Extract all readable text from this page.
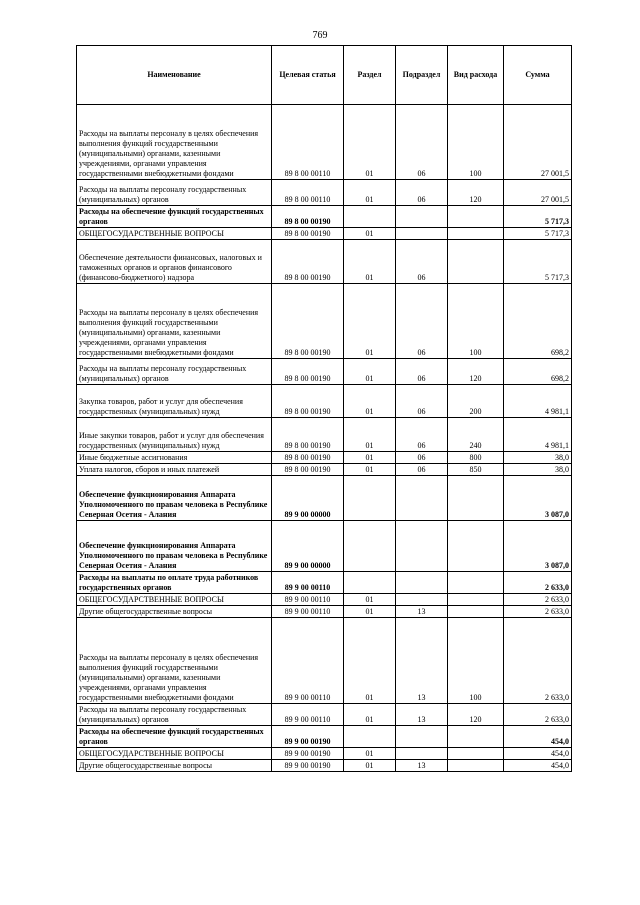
769
Наименование	Целевая статья	Раздел	Подраздел	Вид расхода	Сумма
Расходы на выплаты персоналу в целях обеспечения выполнения функций государственными (муниципальными) органами, казенными учреждениями, органами управления государственными внебюджетными фондами	89 8 00 00110	01	06	100	27 001,5
Расходы на выплаты персоналу государственных (муниципальных) органов	89 8 00 00110	01	06	120	27 001,5
Расходы на обеспечение функций государственных органов	89 8 00 00190				5 717,3
ОБЩЕГОСУДАРСТВЕННЫЕ ВОПРОСЫ	89 8 00 00190	01			5 717,3
Обеспечение деятельности финансовых, налоговых и таможенных органов и органов финансового (финансово-бюджетного) надзора	89 8 00 00190	01	06		5 717,3
Расходы на выплаты персоналу в целях обеспечения выполнения функций государственными (муниципальными) органами, казенными учреждениями, органами управления государственными внебюджетными фондами	89 8 00 00190	01	06	100	698,2
Расходы на выплаты персоналу государственных (муниципальных) органов	89 8 00 00190	01	06	120	698,2
Закупка товаров, работ и услуг для обеспечения государственных (муниципальных) нужд	89 8 00 00190	01	06	200	4 981,1
Иные закупки товаров, работ и услуг для обеспечения государственных (муниципальных) нужд	89 8 00 00190	01	06	240	4 981,1
Иные бюджетные ассигнования	89 8 00 00190	01	06	800	38,0
Уплата налогов, сборов и иных платежей	89 8 00 00190	01	06	850	38,0
Обеспечение функционирования Аппарата Уполномоченного по правам человека в Республике Северная Осетия - Алания	89 9 00 00000				3 087,0
Обеспечение функционирования Аппарата Уполномоченного по правам человека в Республике Северная Осетия - Алания	89 9 00 00000				3 087,0
Расходы на выплаты по оплате труда работников государственных органов	89 9 00 00110				2 633,0
ОБЩЕГОСУДАРСТВЕННЫЕ ВОПРОСЫ	89 9 00 00110	01			2 633,0
Другие общегосударственные вопросы	89 9 00 00110	01	13		2 633,0
Расходы на выплаты персоналу в целях обеспечения выполнения функций государственными (муниципальными) органами, казенными учреждениями, органами управления государственными внебюджетными фондами	89 9 00 00110	01	13	100	2 633,0
Расходы на выплаты персоналу государственных (муниципальных) органов	89 9 00 00110	01	13	120	2 633,0
Расходы на обеспечение функций государственных органов	89 9 00 00190				454,0
ОБЩЕГОСУДАРСТВЕННЫЕ ВОПРОСЫ	89 9 00 00190	01			454,0
Другие общегосударственные вопросы	89 9 00 00190	01	13		454,0
